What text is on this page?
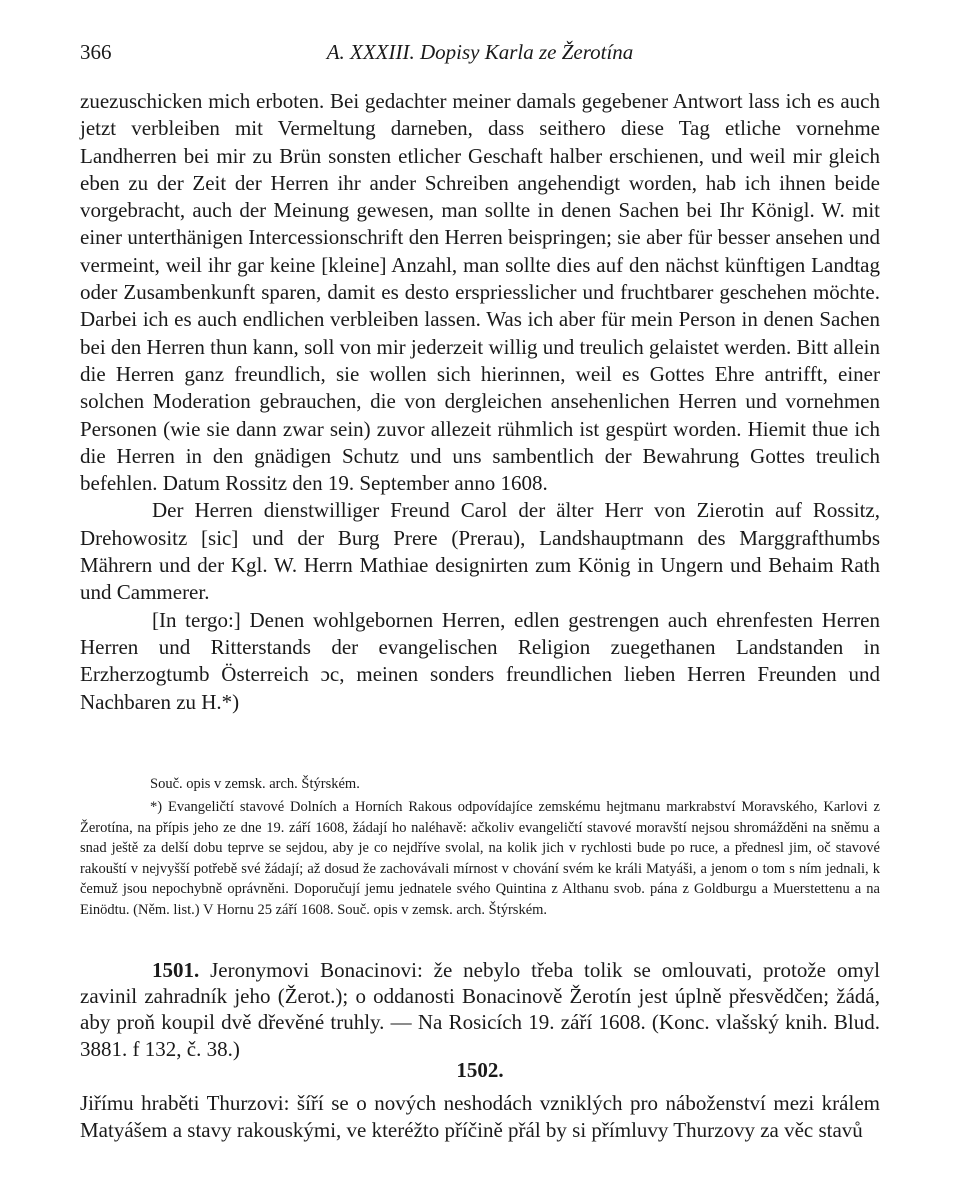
366	A. XXXIII. Dopisy Karla ze Žerotína

zuezuschicken mich erboten. Bei gedachter meiner damals gegebener Antwort lass ich es auch jetzt verbleiben mit Vermeltung darneben, dass seithero diese Tag etliche vornehme Landherren bei mir zu Brün sonsten etlicher Geschaft halber erschienen, und weil mir gleich eben zu der Zeit der Herren ihr ander Schreiben angehendigt worden, hab ich ihnen beide vorgebracht, auch der Meinung gewesen, man sollte in denen Sachen bei Ihr Königl. W. mit einer unterthänigen Intercessionschrift den Herren beispringen; sie aber für besser ansehen und vermeint, weil ihr gar keine [kleine] Anzahl, man sollte dies auf den nächst künftigen Landtag oder Zusambenkunft sparen, damit es desto erspriesslicher und fruchtbarer geschehen möchte. Darbei ich es auch endlichen verbleiben lassen. Was ich aber für mein Person in denen Sachen bei den Herren thun kann, soll von mir jederzeit willig und treulich gelaistet werden. Bitt allein die Herren ganz freundlich, sie wollen sich hierinnen, weil es Gottes Ehre antrifft, einer solchen Moderation gebrauchen, die von dergleichen ansehenlichen Herren und vornehmen Personen (wie sie dann zwar sein) zuvor allezeit rühmlich ist gespürt worden. Hiemit thue ich die Herren in den gnädigen Schutz und uns sambentlich der Bewahrung Gottes treulich befehlen. Datum Rossitz den 19. September anno 1608.

Der Herren dienstwilliger Freund Carol der älter Herr von Zierotin auf Rossitz, Drehowositz [sic] und der Burg Prere (Prerau), Landshauptmann des Marggrafthumbs Mährern und der Kgl. W. Herrn Mathiae designirten zum König in Ungern und Behaim Rath und Cammerer.

[In tergo:] Denen wohlgebornen Herren, edlen gestrengen auch ehrenfesten Herren Herren und Ritterstands der evangelischen Religion zuegethanen Landstanden in Erzherzogtumb Österreich ɔc, meinen sonders freundlichen lieben Herren Freunden und Nachbaren zu H.*)

Souč. opis v zemsk. arch. Štýrském.

*) Evangeličtí stavové Dolních a Horních Rakous odpovídajíce zemskému hejtmanu markrabství Moravského, Karlovi z Žerotína, na přípis jeho ze dne 19. září 1608, žádají ho naléhavě: ačkoliv evangeličtí stavové moravští nejsou shromážděni na sněmu a snad ještě za delší dobu teprve se sejdou, aby je co nejdříve svolal, na kolik jich v rychlosti bude po ruce, a přednesl jim, oč stavové rakouští v nejvyšší potřebě své žádají; až dosud že zachovávali mírnost v chování svém ke králi Matyáši, a jenom o tom s ním jednali, k čemuž jsou nepochybně oprávněni. Doporučují jemu jednatele svého Quintina z Althanu svob. pána z Goldburgu a Muerstettenu a na Einödtu. (Něm. list.) V Hornu 25 září 1608. Souč. opis v zemsk. arch. Štýrském.

1501. Jeronymovi Bonacinovi: že nebylo třeba tolik se omlouvati, protože omyl zavinil zahradník jeho (Žerot.); o oddanosti Bonacinově Žerotín jest úplně přesvědčen; žádá, aby proň koupil dvě dřevěné truhly. — Na Rosicích 19. září 1608. (Konc. vlašský knih. Blud. 3881. f 132, č. 38.)

1502.

Jiřímu hraběti Thurzovi: šíří se o nových neshodách vzniklých pro náboženství mezi králem Matyášem a stavy rakouskými, ve kteréžto příčině přál by si přímluvy Thurzovy za věc stavů
